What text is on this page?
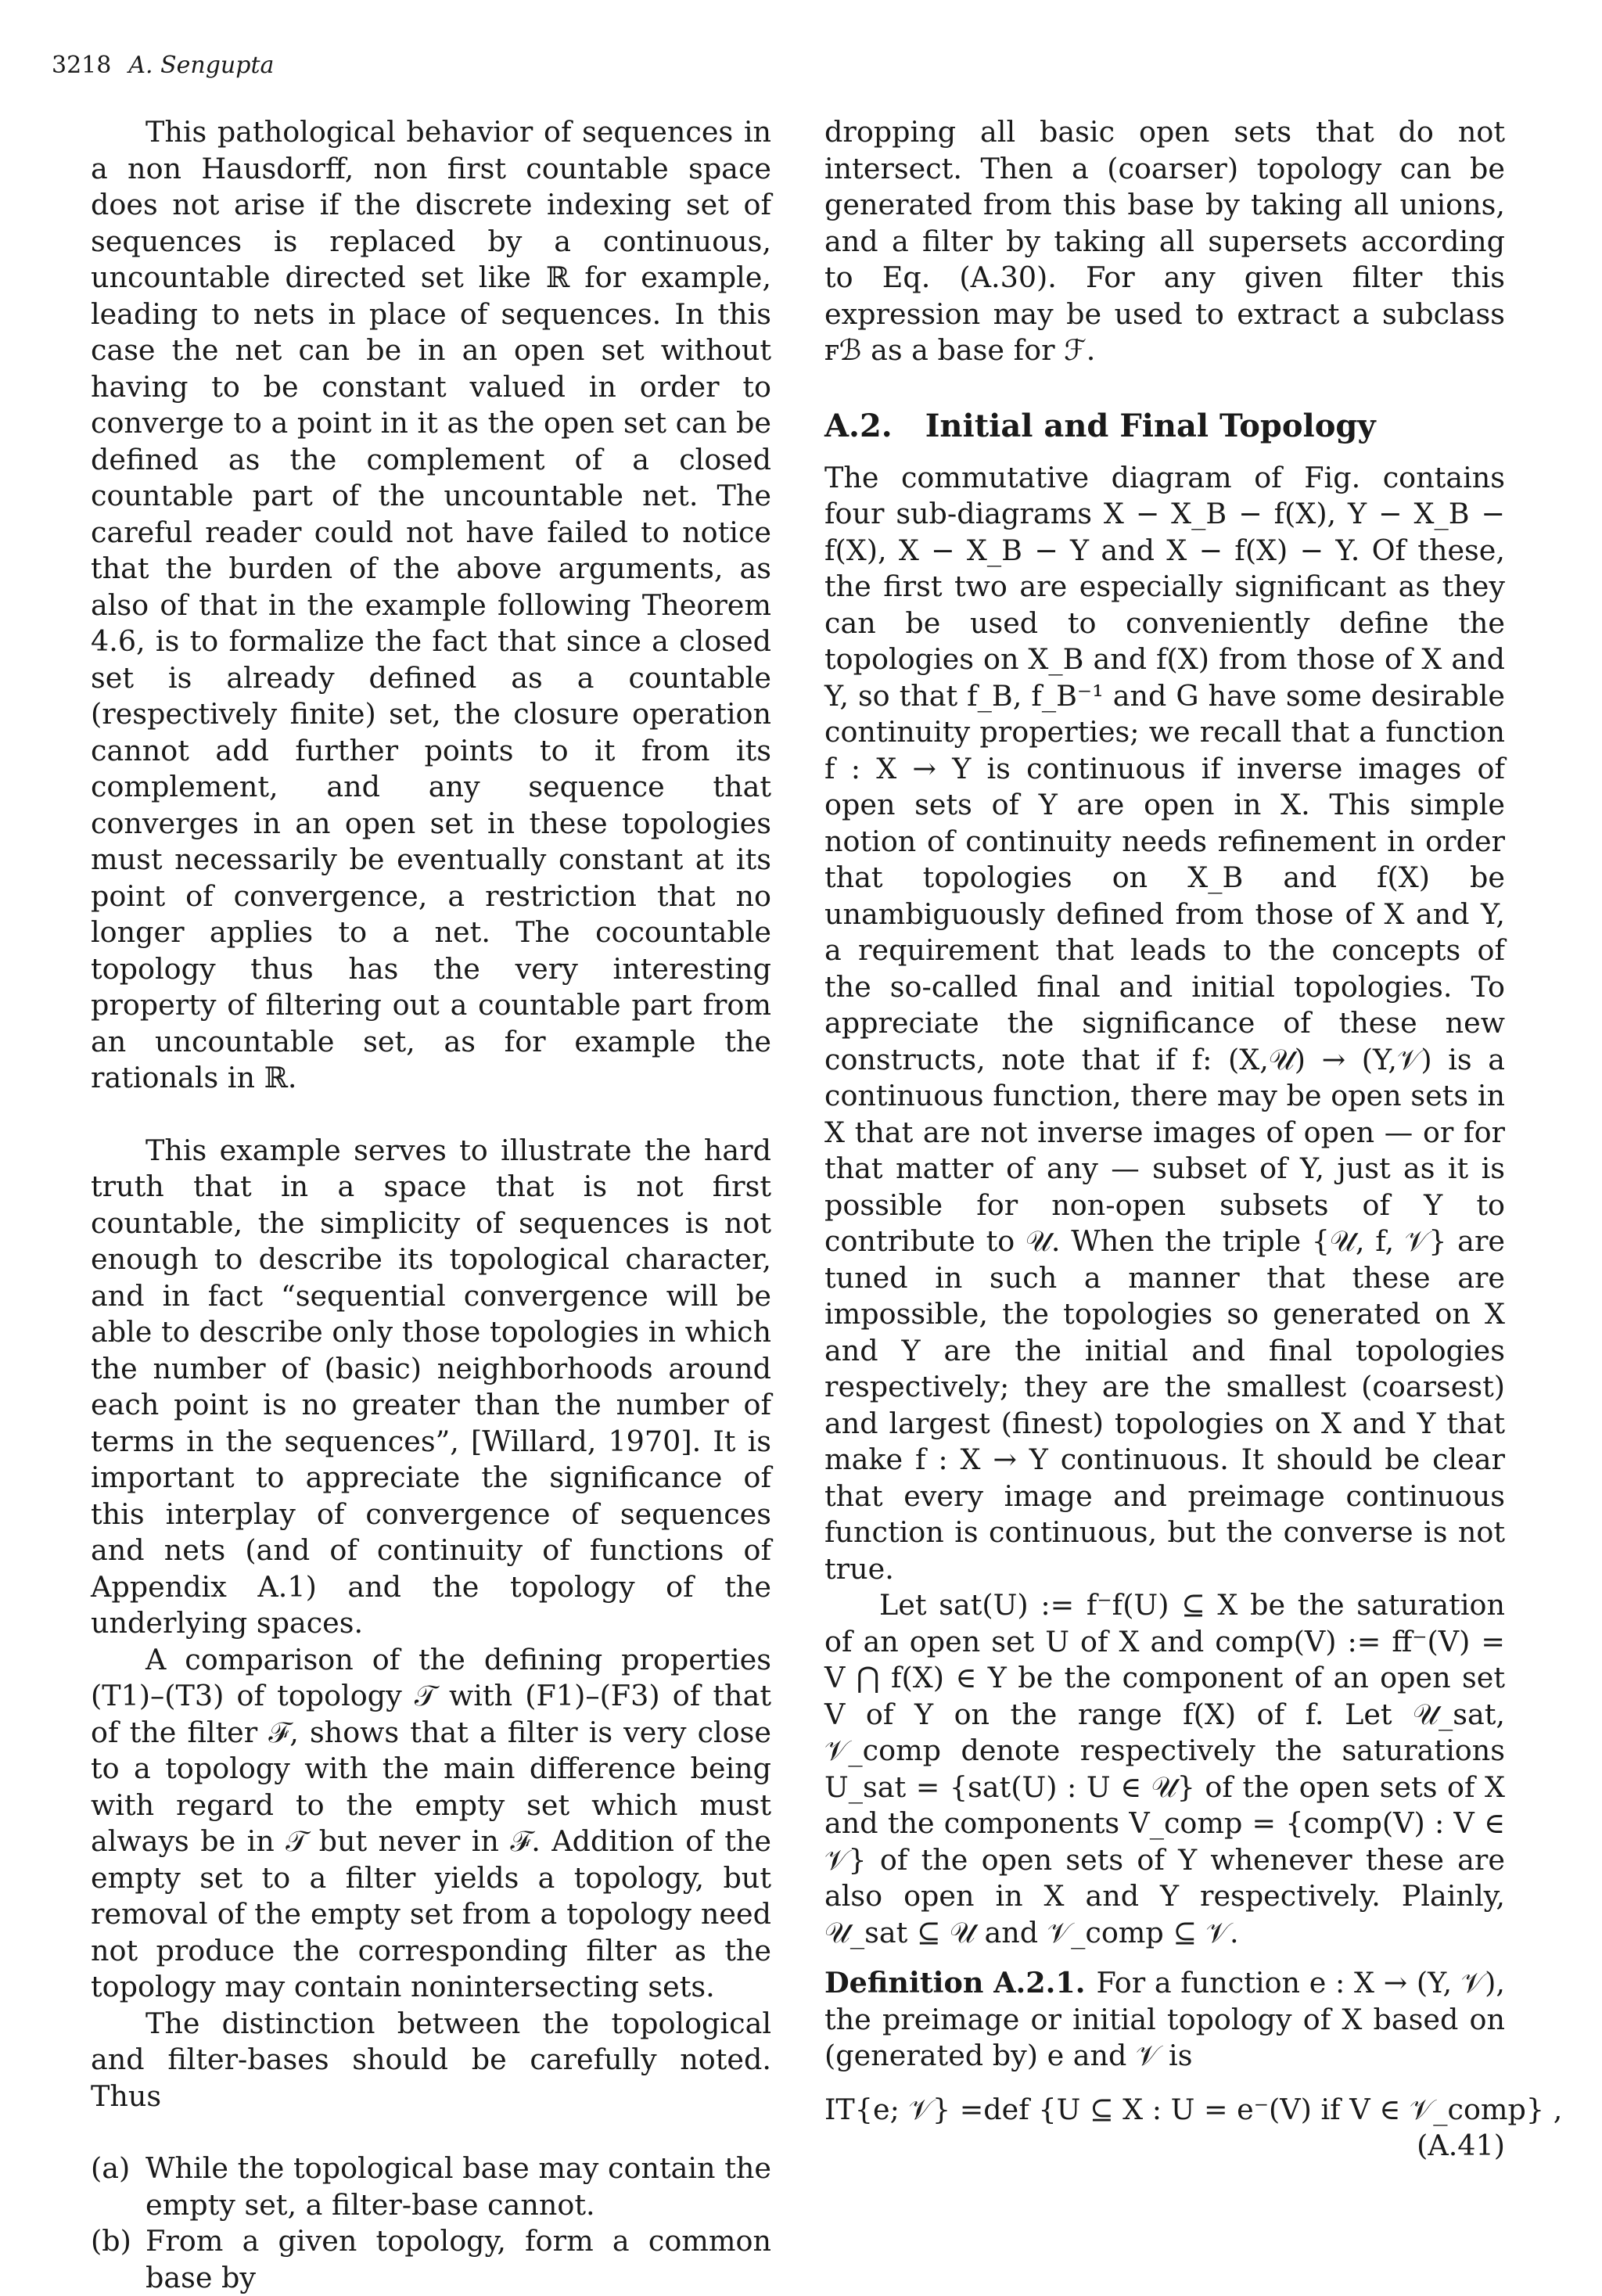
3218 A. Sengupta

This pathological behavior of sequences in a non Hausdorff, non first countable space does not arise if the discrete indexing set of sequences is replaced by a continuous, uncountable directed set like ℝ for example, leading to nets in place of sequences. In this case the net can be in an open set without having to be constant valued in order to converge to a point in it as the open set can be defined as the complement of a closed countable part of the uncountable net. The careful reader could not have failed to notice that the burden of the above arguments, as also of that in the example following Theorem 4.6, is to formalize the fact that since a closed set is already defined as a countable (respectively finite) set, the closure operation cannot add further points to it from its complement, and any sequence that converges in an open set in these topologies must necessarily be eventually constant at its point of convergence, a restriction that no longer applies to a net. The cocountable topology thus has the very interesting property of filtering out a countable part from an uncountable set, as for example the rationals in ℝ.

This example serves to illustrate the hard truth that in a space that is not first countable, the simplicity of sequences is not enough to describe its topological character, and in fact “sequential convergence will be able to describe only those topologies in which the number of (basic) neighborhoods around each point is no greater than the number of terms in the sequences”, [Willard, 1970]. It is important to appreciate the significance of this interplay of convergence of sequences and nets (and of continuity of functions of Appendix A.1) and the topology of the underlying spaces.

A comparison of the defining properties (T1)–(T3) of topology 𝒯 with (F1)–(F3) of that of the filter ℱ, shows that a filter is very close to a topology with the main difference being with regard to the empty set which must always be in 𝒯 but never in ℱ. Addition of the empty set to a filter yields a topology, but removal of the empty set from a topology need not produce the corresponding filter as the topology may contain nonintersecting sets.

The distinction between the topological and filter-bases should be carefully noted. Thus

(a) While the topological base may contain the empty set, a filter-base cannot.
(b) From a given topology, form a common base by

dropping all basic open sets that do not intersect. Then a (coarser) topology can be generated from this base by taking all unions, and a filter by taking all supersets according to Eq. (A.30). For any given filter this expression may be used to extract a subclass ꜰℬ as a base for ℱ.

A.2. Initial and Final Topology

The commutative diagram of Fig. contains four sub-diagrams X − X_B − f(X), Y − X_B − f(X), X − X_B − Y and X − f(X) − Y. Of these, the first two are especially significant as they can be used to conveniently define the topologies on X_B and f(X) from those of X and Y, so that f_B, f_B⁻¹ and G have some desirable continuity properties; we recall that a function f : X → Y is continuous if inverse images of open sets of Y are open in X. This simple notion of continuity needs refinement in order that topologies on X_B and f(X) be unambiguously defined from those of X and Y, a requirement that leads to the concepts of the so-called final and initial topologies. To appreciate the significance of these new constructs, note that if f: (X,𝒰) → (Y,𝒱) is a continuous function, there may be open sets in X that are not inverse images of open — or for that matter of any — subset of Y, just as it is possible for non-open subsets of Y to contribute to 𝒰. When the triple {𝒰, f, 𝒱} are tuned in such a manner that these are impossible, the topologies so generated on X and Y are the initial and final topologies respectively; they are the smallest (coarsest) and largest (finest) topologies on X and Y that make f : X → Y continuous. It should be clear that every image and preimage continuous function is continuous, but the converse is not true.

Let sat(U) := f⁻f(U) ⊆ X be the saturation of an open set U of X and comp(V) := ff⁻(V) = V ⋂ f(X) ∈ Y be the component of an open set V of Y on the range f(X) of f. Let 𝒰_sat, 𝒱_comp denote respectively the saturations U_sat = {sat(U) : U ∈ 𝒰} of the open sets of X and the components V_comp = {comp(V) : V ∈ 𝒱} of the open sets of Y whenever these are also open in X and Y respectively. Plainly, 𝒰_sat ⊆ 𝒰 and 𝒱_comp ⊆ 𝒱.

Definition A.2.1. For a function e : X → (Y, 𝒱), the preimage or initial topology of X based on (generated by) e and 𝒱 is

IT{e; 𝒱} =def {U ⊆ X : U = e⁻(V) if V ∈ 𝒱_comp} ,

(A.41)
